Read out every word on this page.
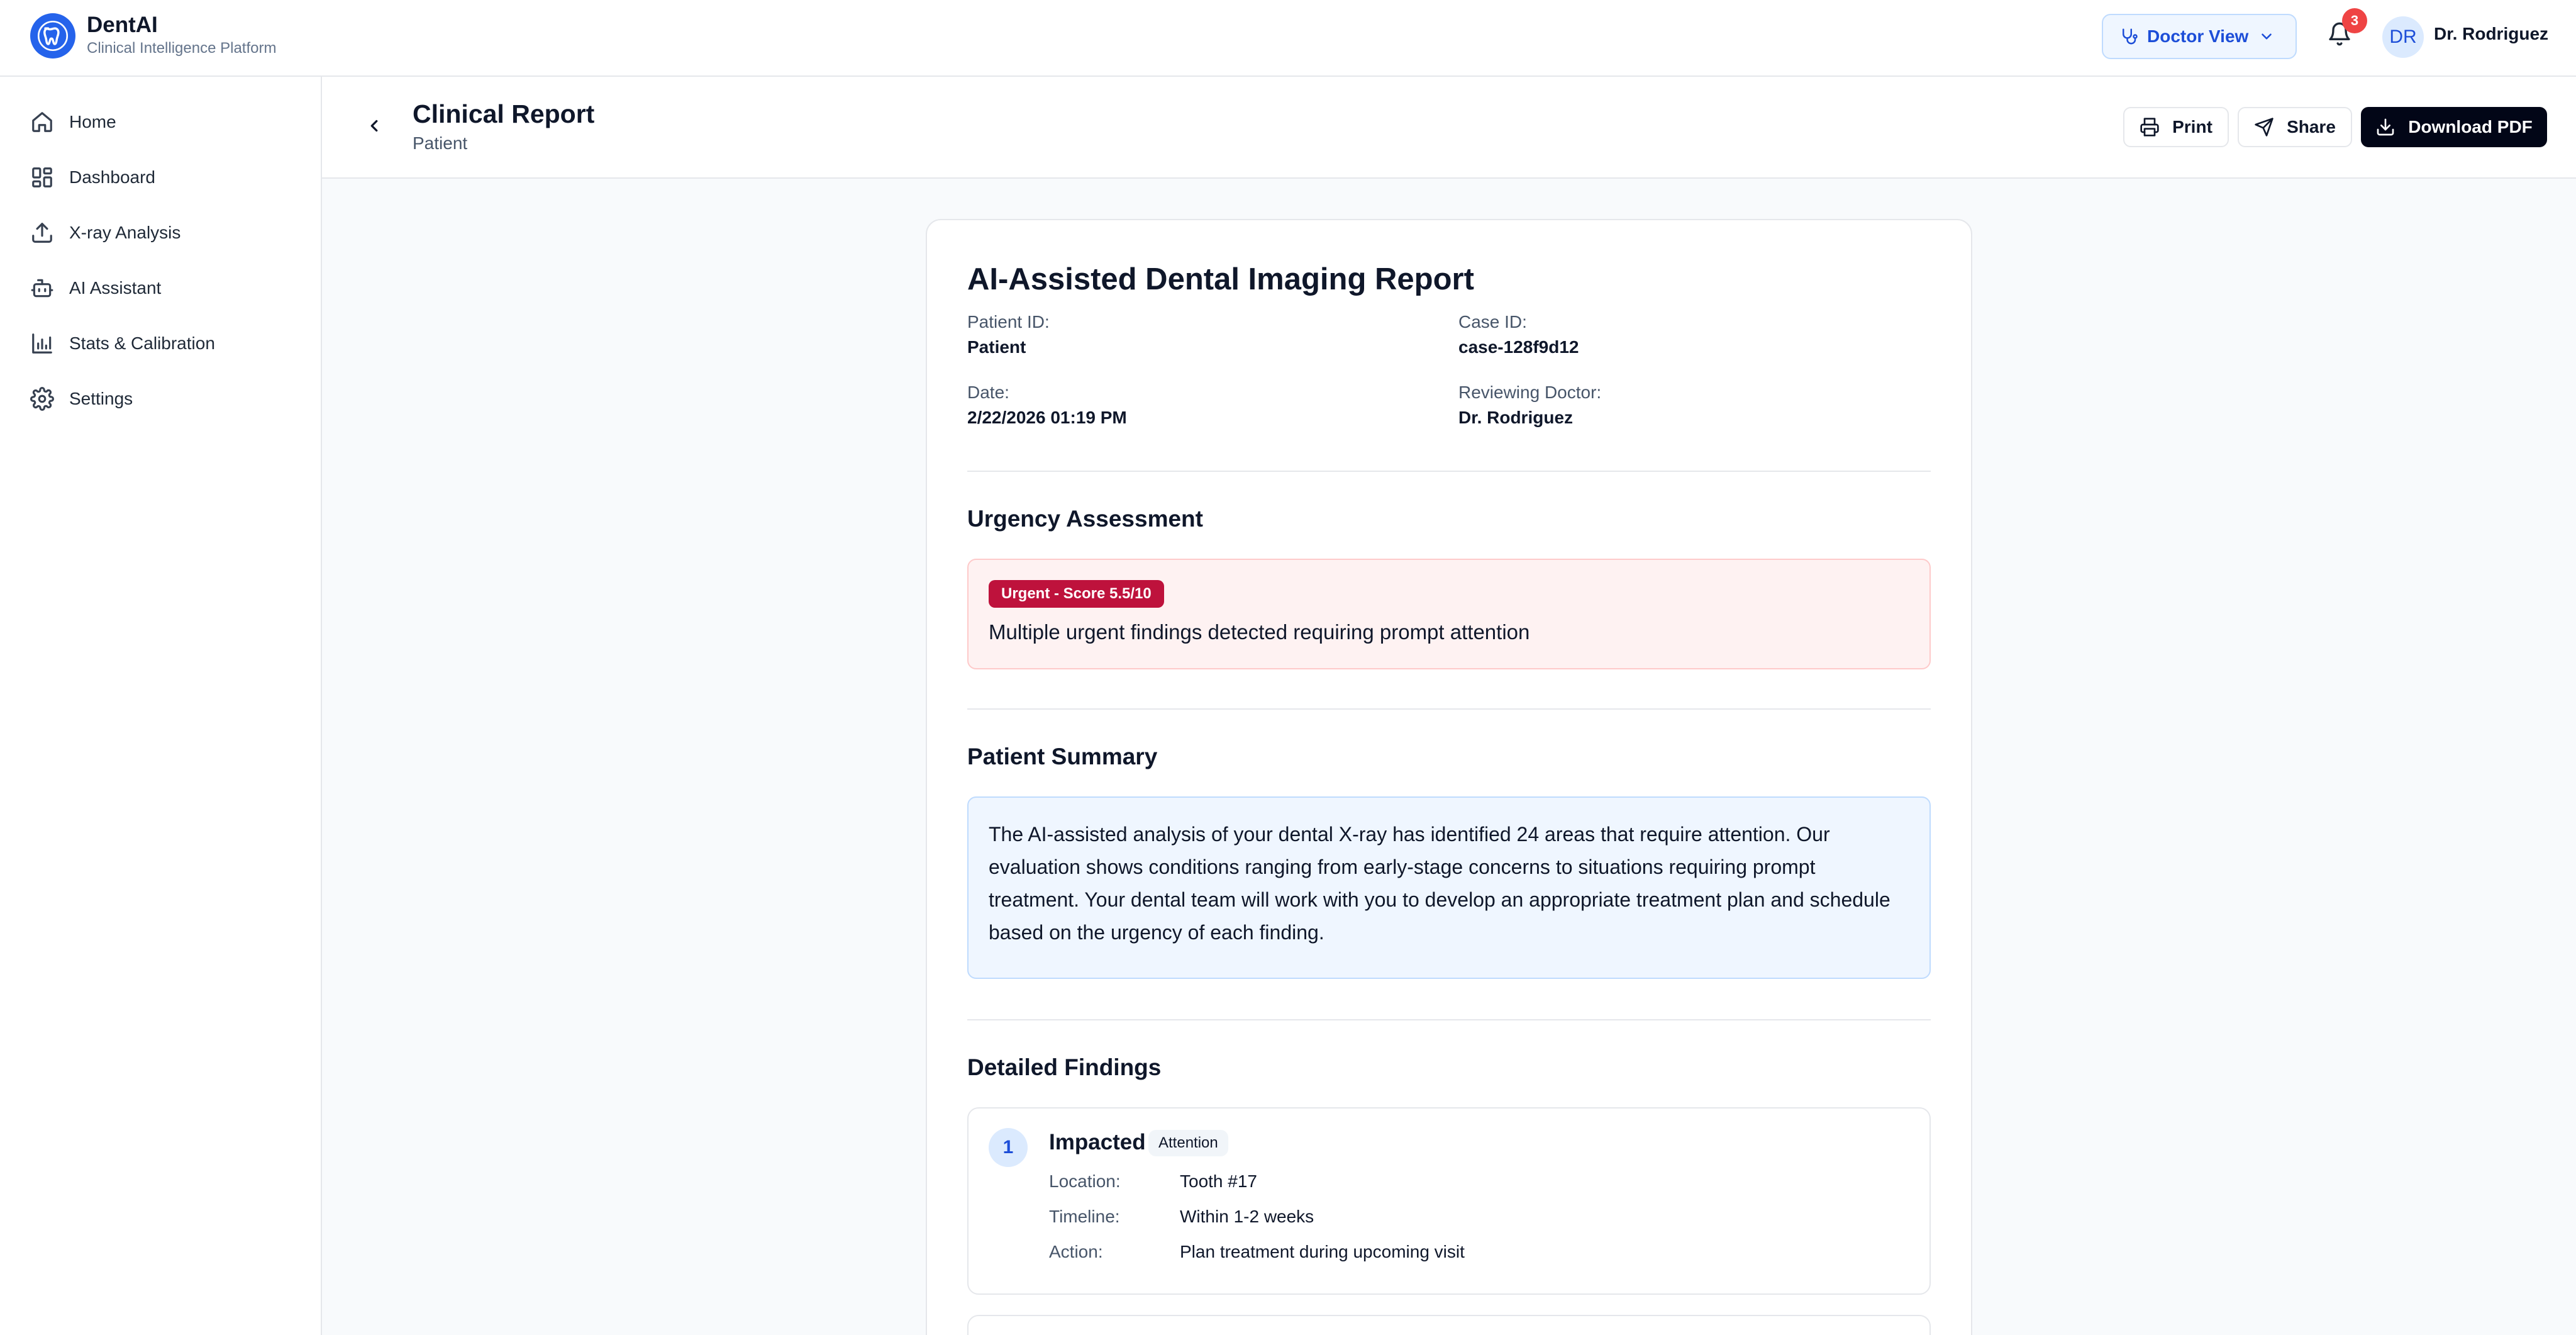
DentAI
Clinical Intelligence Platform
Doctor View
3
DR Dr. Rodriguez
Home
Dashboard
X-ray Analysis
AI Assistant
Stats & Calibration
Settings
Clinical Report
Patient
Print	Share	Download PDF
AI-Assisted Dental Imaging Report
Patient ID:
Patient
Case ID:
case-128f9d12
Date:
2/22/2026 01:19 PM
Reviewing Doctor:
Dr. Rodriguez
Urgency Assessment
Urgent - Score 5.5/10
Multiple urgent findings detected requiring prompt attention
Patient Summary
The AI-assisted analysis of your dental X-ray has identified 24 areas that require attention. Our evaluation shows conditions ranging from early-stage concerns to situations requiring prompt treatment. Your dental team will work with you to develop an appropriate treatment plan and schedule based on the urgency of each finding.
Detailed Findings
1	Impacted Attention
Location:	Tooth #17
Timeline:	Within 1-2 weeks
Action:	Plan treatment during upcoming visit
